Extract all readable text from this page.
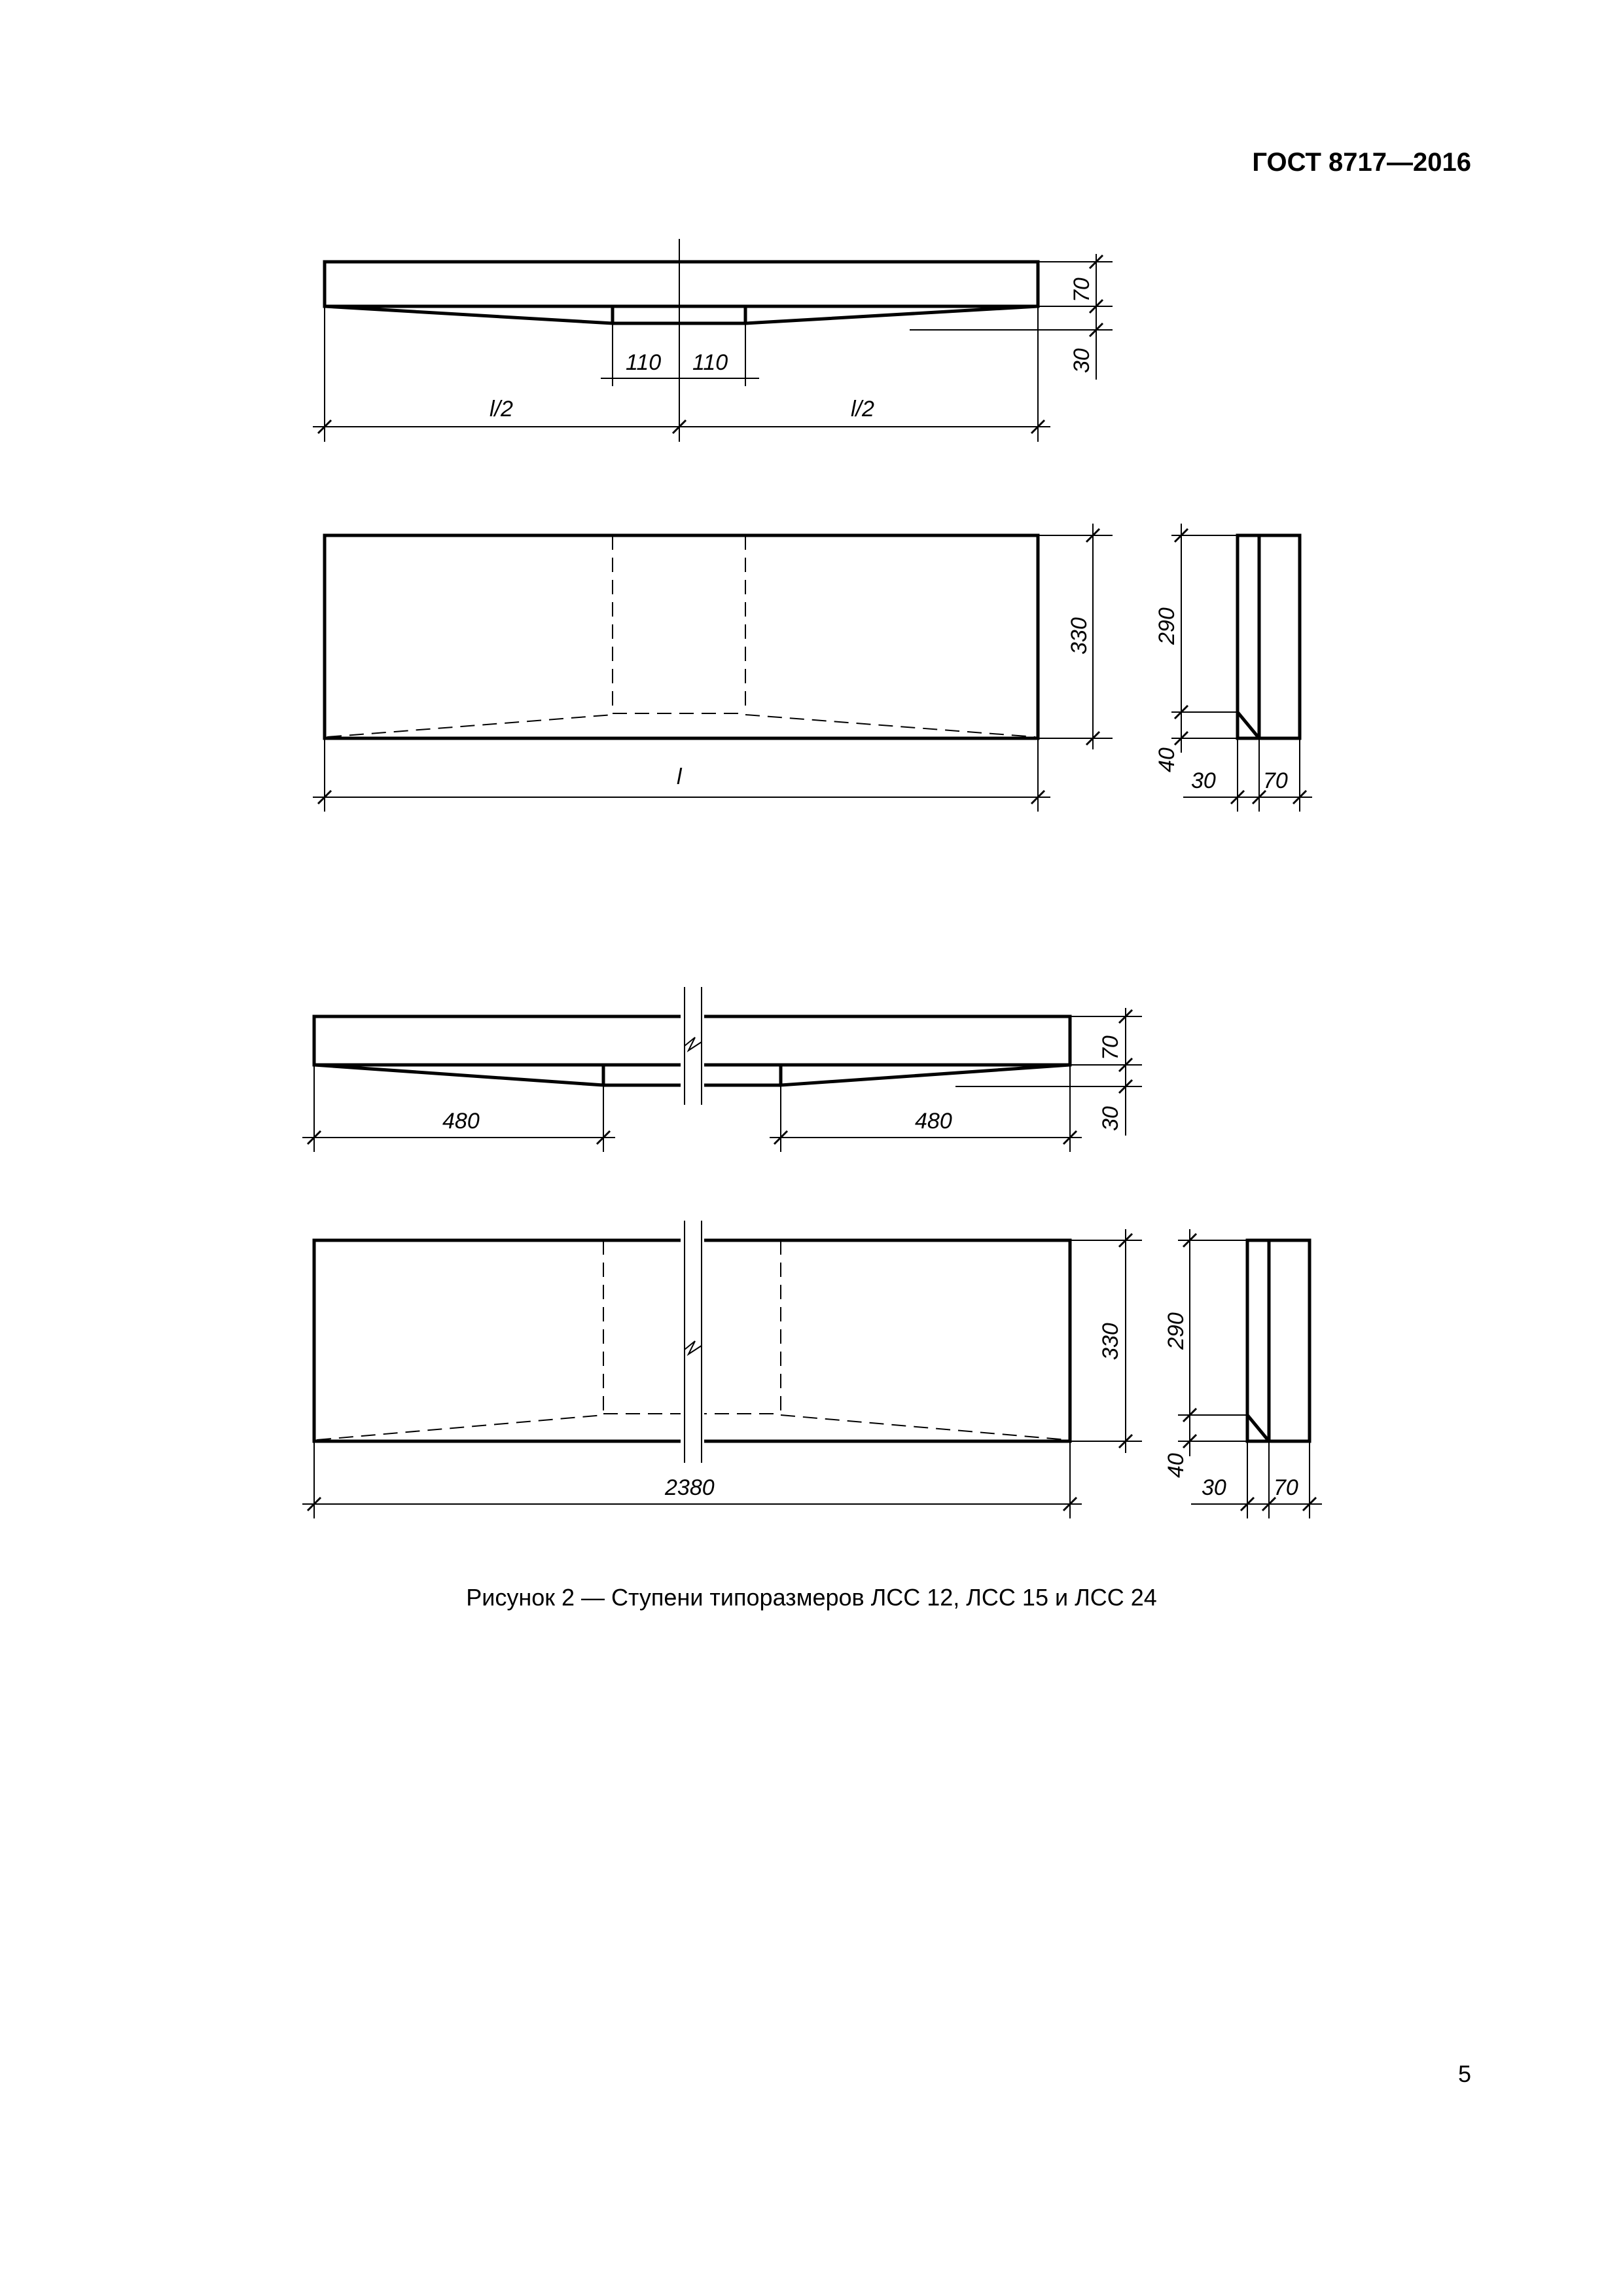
ГОСТ 8717—2016
110 110
l/2	l/2
70
30
l
330	290
40
30 70
480	480
70
30
2380
330 290
40
30 70
Рисунок 2 — Ступени типоразмеров ЛСС 12, ЛСС 15 и ЛСС 24
5
